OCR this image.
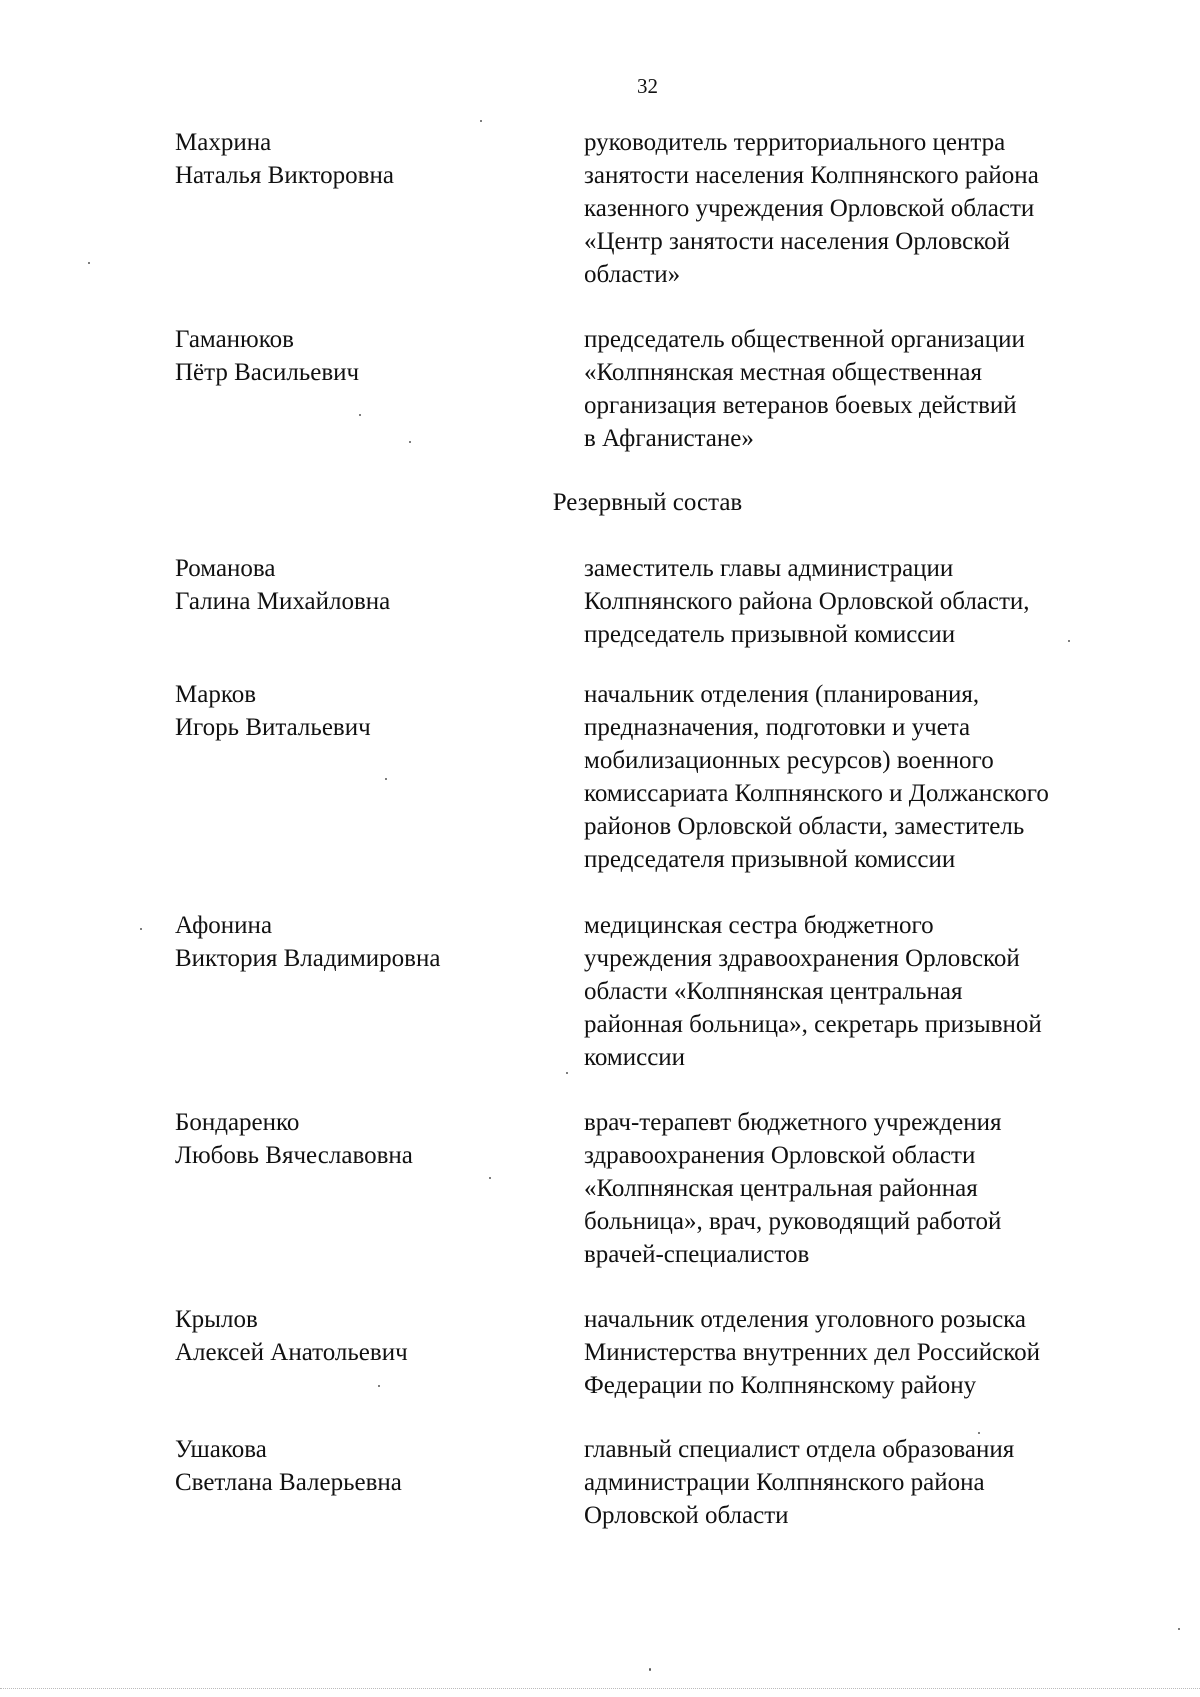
32
Махрина
Наталья Викторовна
руководитель территориального центра
занятости населения Колпнянского района
казенного учреждения Орловской области
«Центр занятости населения Орловской
области»
Гаманюков
Пётр Васильевич
председатель общественной организации
«Колпнянская местная общественная
организация ветеранов боевых действий
в Афганистане»
Резервный состав
Романова
Галина Михайловна
заместитель главы администрации
Колпнянского района Орловской области,
председатель призывной комиссии
Марков
Игорь Витальевич
начальник отделения (планирования,
предназначения, подготовки и учета
мобилизационных ресурсов) военного
комиссариата Колпнянского и Должанского
районов Орловской области, заместитель
председателя призывной комиссии
Афонина
Виктория Владимировна
медицинская сестра бюджетного
учреждения здравоохранения Орловской
области «Колпнянская центральная
районная больница», секретарь призывной
комиссии
Бондаренко
Любовь Вячеславовна
врач-терапевт бюджетного учреждения
здравоохранения Орловской области
«Колпнянская центральная районная
больница», врач, руководящий работой
врачей-специалистов
Крылов
Алексей Анатольевич
начальник отделения уголовного розыска
Министерства внутренних дел Российской
Федерации по Колпнянскому району
Ушакова
Светлана Валерьевна
главный специалист отдела образования
администрации Колпнянского района
Орловской области
